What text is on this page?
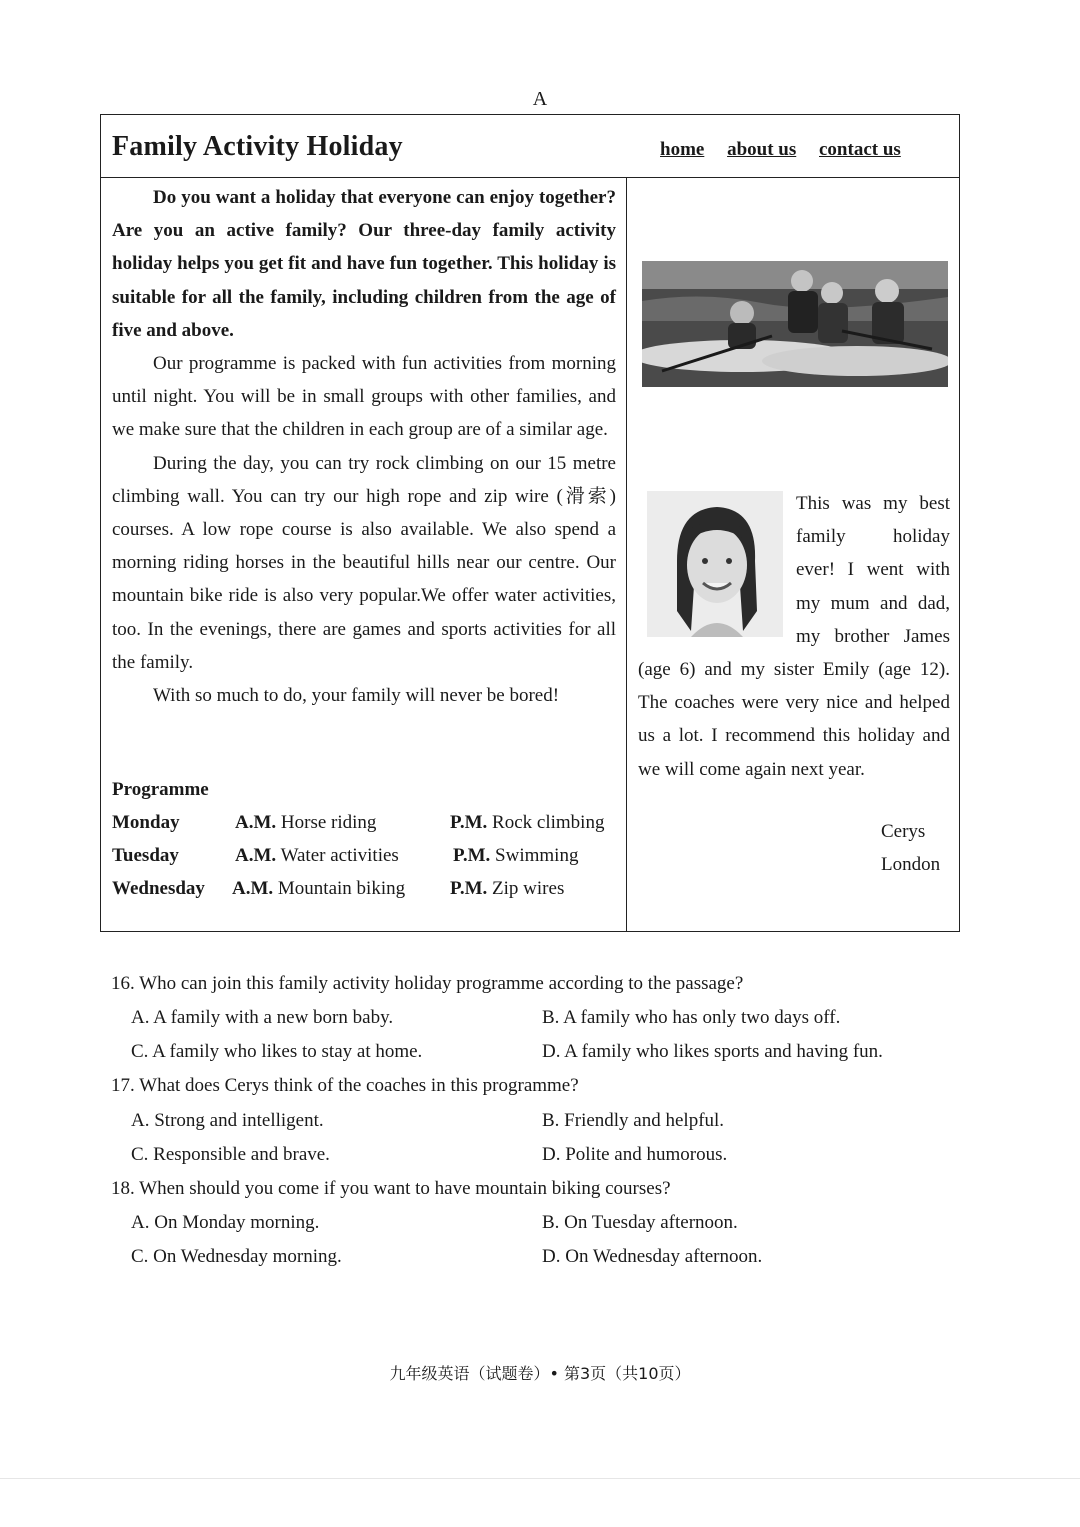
A
Family Activity Holiday	home about us contact us

Do you want a holiday that everyone can enjoy together? Are you an active family? Our three-day family activity holiday helps you get fit and have fun together. This holiday is suitable for all the family, including children from the age of five and above.

Our programme is packed with fun activities from morning until night. You will be in small groups with other families, and we make sure that the children in each group are of a similar age.

During the day, you can try rock climbing on our 15 metre climbing wall. You can try our high rope and zip wire (滑索) courses. A low rope course is also available. We also spend a morning riding horses in the beautiful hills near our centre. Our mountain bike ride is also very popular.We offer water activities, too. In the evenings, there are games and sports activities for all the family.

With so much to do, your family will never be bored!

Programme
Monday	A.M. Horse riding	P.M. Rock climbing
Tuesday	A.M. Water activities	P.M. Swimming
Wednesday A.M. Mountain biking P.M. Zip wires
This was my best family holiday ever! I went with my mum and dad, my brother James (age 6) and my sister Emily (age 12). The coaches were very nice and helped us a lot. I recommend this holiday and we will come again next year.
Cerys
London
16. Who can join this family activity holiday programme according to the passage?
A. A family with a new born baby.	B. A family who has only two days off.
C. A family who likes to stay at home.	D. A family who likes sports and having fun.
17. What does Cerys think of the coaches in this programme?
A. Strong and intelligent.	B. Friendly and helpful.
C. Responsible and brave.	D. Polite and humorous.
18. When should you come if you want to have mountain biking courses?
A. On Monday morning.	B. On Tuesday afternoon.
C. On Wednesday morning.	D. On Wednesday afternoon.
九年级英语（试题卷）• 第3页（共10页）
